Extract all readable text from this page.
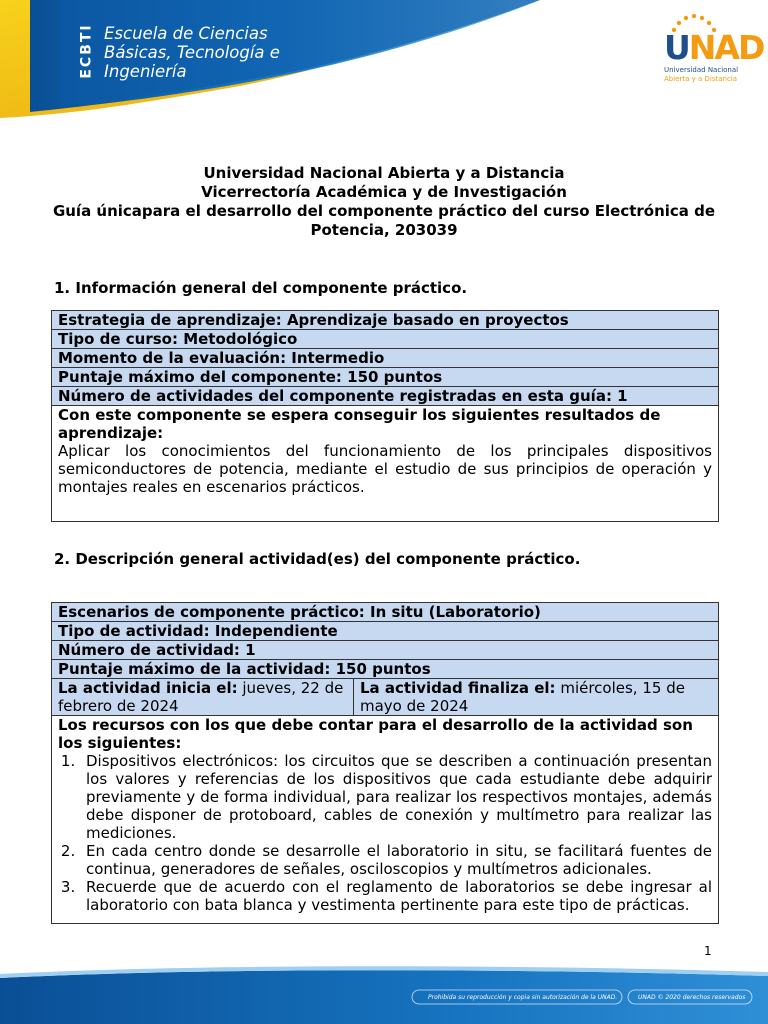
ECBTI Escuela de Ciencias
Básicas, Tecnología e
Ingeniería
UNAD
Universidad Nacional
Abierta y a Distancia
Universidad Nacional Abierta y a Distancia
Vicerrectoría Académica y de Investigación
Guía únicapara el desarrollo del componente práctico del curso Electrónica de Potencia, 203039
1. Información general del componente práctico.
Estrategia de aprendizaje: Aprendizaje basado en proyectos
Tipo de curso: Metodológico
Momento de la evaluación: Intermedio
Puntaje máximo del componente: 150 puntos
Número de actividades del componente registradas en esta guía: 1

Con este componente se espera conseguir los siguientes resultados de aprendizaje:
Aplicar los conocimientos del funcionamiento de los principales dispositivos semiconductores de potencia, mediante el estudio de sus principios de operación y montajes reales en escenarios prácticos.
2. Descripción general actividad(es) del componente práctico.
Escenarios de componente práctico: In situ (Laboratorio)
Tipo de actividad: Independiente
Número de actividad: 1
Puntaje máximo de la actividad: 150 puntos
La actividad inicia el: jueves, 22 de febrero de 2024	La actividad finaliza el: miércoles, 15 de mayo de 2024

Los recursos con los que debe contar para el desarrollo de la actividad son los siguientes:
1. Dispositivos electrónicos: los circuitos que se describen a continuación presentan los valores y referencias de los dispositivos que cada estudiante debe adquirir previamente y de forma individual, para realizar los respectivos montajes, además debe disponer de protoboard, cables de conexión y multímetro para realizar las mediciones.
2. En cada centro donde se desarrolle el laboratorio in situ, se facilitará fuentes de continua, generadores de señales, osciloscopios y multímetros adicionales.
3. Recuerde que de acuerdo con el reglamento de laboratorios se debe ingresar al laboratorio con bata blanca y vestimenta pertinente para este tipo de prácticas.
1
Prohibida su reproducción y copia sin autorización de la UNAD.	UNAD © 2020 derechos reservados
